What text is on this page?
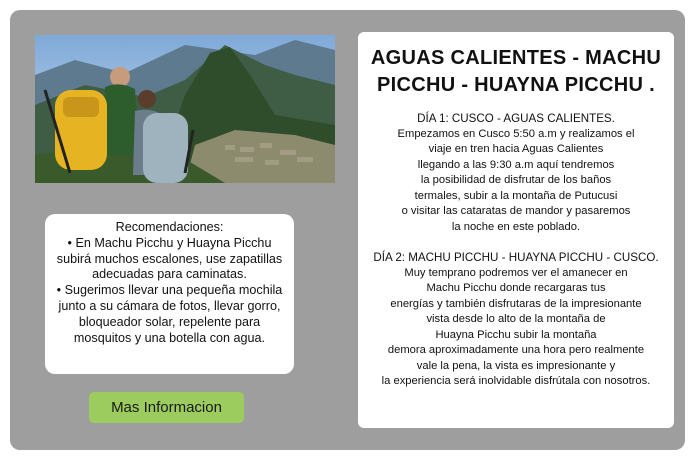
Recomendaciones:
• En Machu Picchu y Huayna Picchu subirá muchos escalones, use zapatillas adecuadas para caminatas.
• Sugerimos llevar una pequeña mochila junto a su cámara de fotos, llevar gorro, bloqueador solar, repelente para mosquitos y una botella con agua.
Mas Informacion
AGUAS CALIENTES - MACHU PICCHU - HUAYNA PICCHU .
DÍA 1: CUSCO - AGUAS CALIENTES.
Empezamos en Cusco 5:50 a.m y realizamos el
viaje en tren hacia Aguas Calientes
llegando a las 9:30 a.m aquí tendremos
la posibilidad de disfrutar de los baños
termales, subir a la montaña de Putucusi
o visitar las cataratas de mandor y pasaremos
la noche en este poblado.
DÍA 2: MACHU PICCHU - HUAYNA PICCHU - CUSCO.
Muy temprano podremos ver el amanecer en
Machu Picchu donde recargaras tus
energías y también disfrutaras de la impresionante
vista desde lo alto de la montaña de
Huayna Picchu subir la montaña
demora aproximadamente una hora pero realmente
vale la pena, la vista es impresionante y
la experiencia será inolvidable disfrútala con nosotros.
